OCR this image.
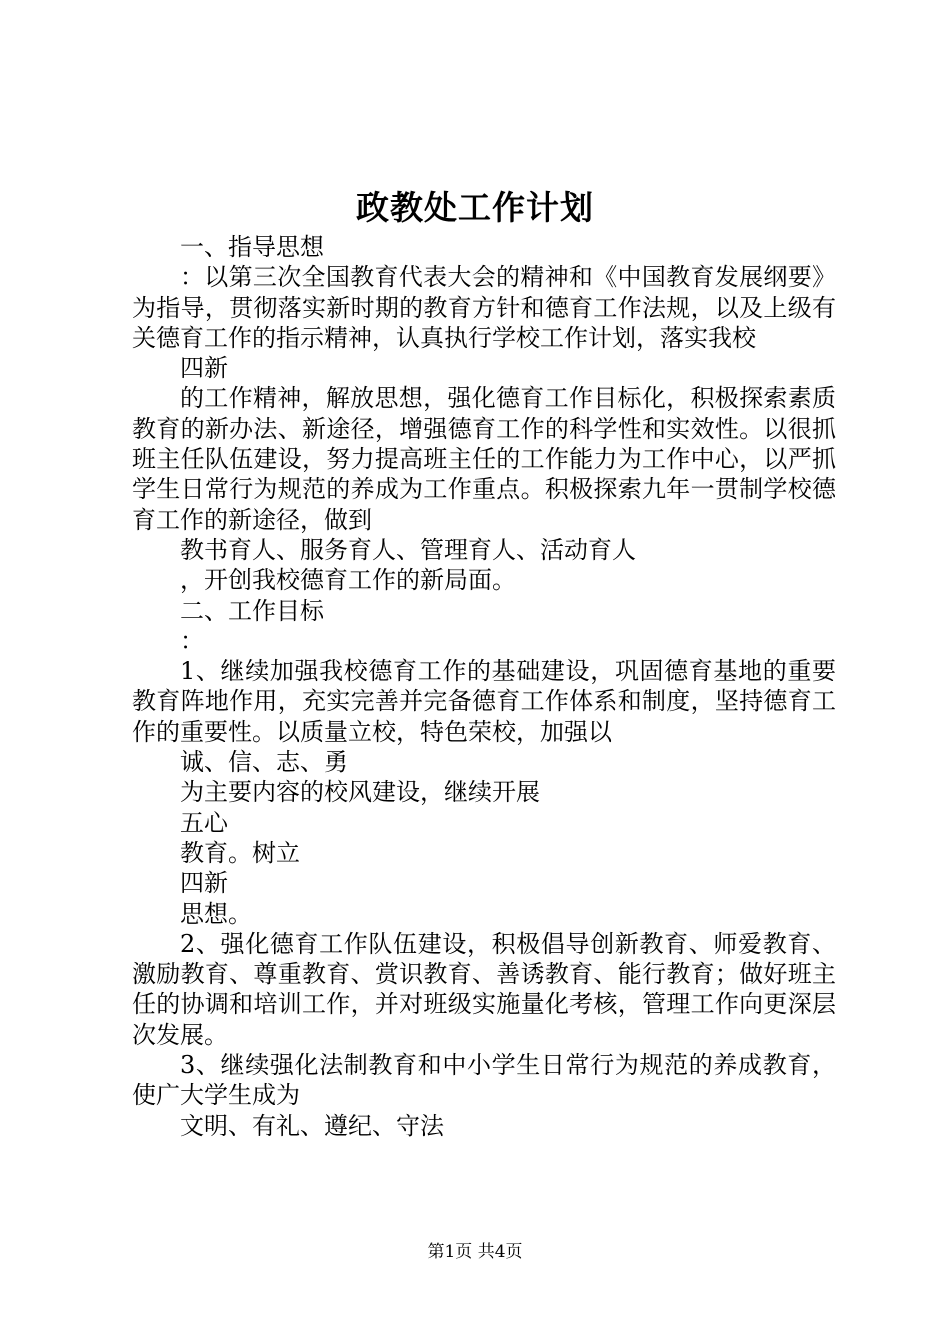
政教处工作计划

一、指导思想

：以第三次全国教育代表大会的精神和《中国教育发展纲要》为指导，贯彻落实新时期的教育方针和德育工作法规，以及上级有关德育工作的指示精神，认真执行学校工作计划，落实我校

四新

的工作精神，解放思想，强化德育工作目标化，积极探索素质教育的新办法、新途径，增强德育工作的科学性和实效性。以很抓班主任队伍建设，努力提高班主任的工作能力为工作中心，以严抓学生日常行为规范的养成为工作重点。积极探索九年一贯制学校德育工作的新途径，做到

教书育人、服务育人、管理育人、活动育人

，开创我校德育工作的新局面。

二、工作目标

：

1、继续加强我校德育工作的基础建设，巩固德育基地的重要教育阵地作用，充实完善并完备德育工作体系和制度，坚持德育工作的重要性。以质量立校，特色荣校，加强以

诚、信、志、勇

为主要内容的校风建设，继续开展

五心

教育。树立

四新

思想。

2、强化德育工作队伍建设，积极倡导创新教育、师爱教育、激励教育、尊重教育、赏识教育、善诱教育、能行教育；做好班主任的协调和培训工作，并对班级实施量化考核，管理工作向更深层次发展。

3、继续强化法制教育和中小学生日常行为规范的养成教育，使广大学生成为

文明、有礼、遵纪、守法

第1页 共4页
